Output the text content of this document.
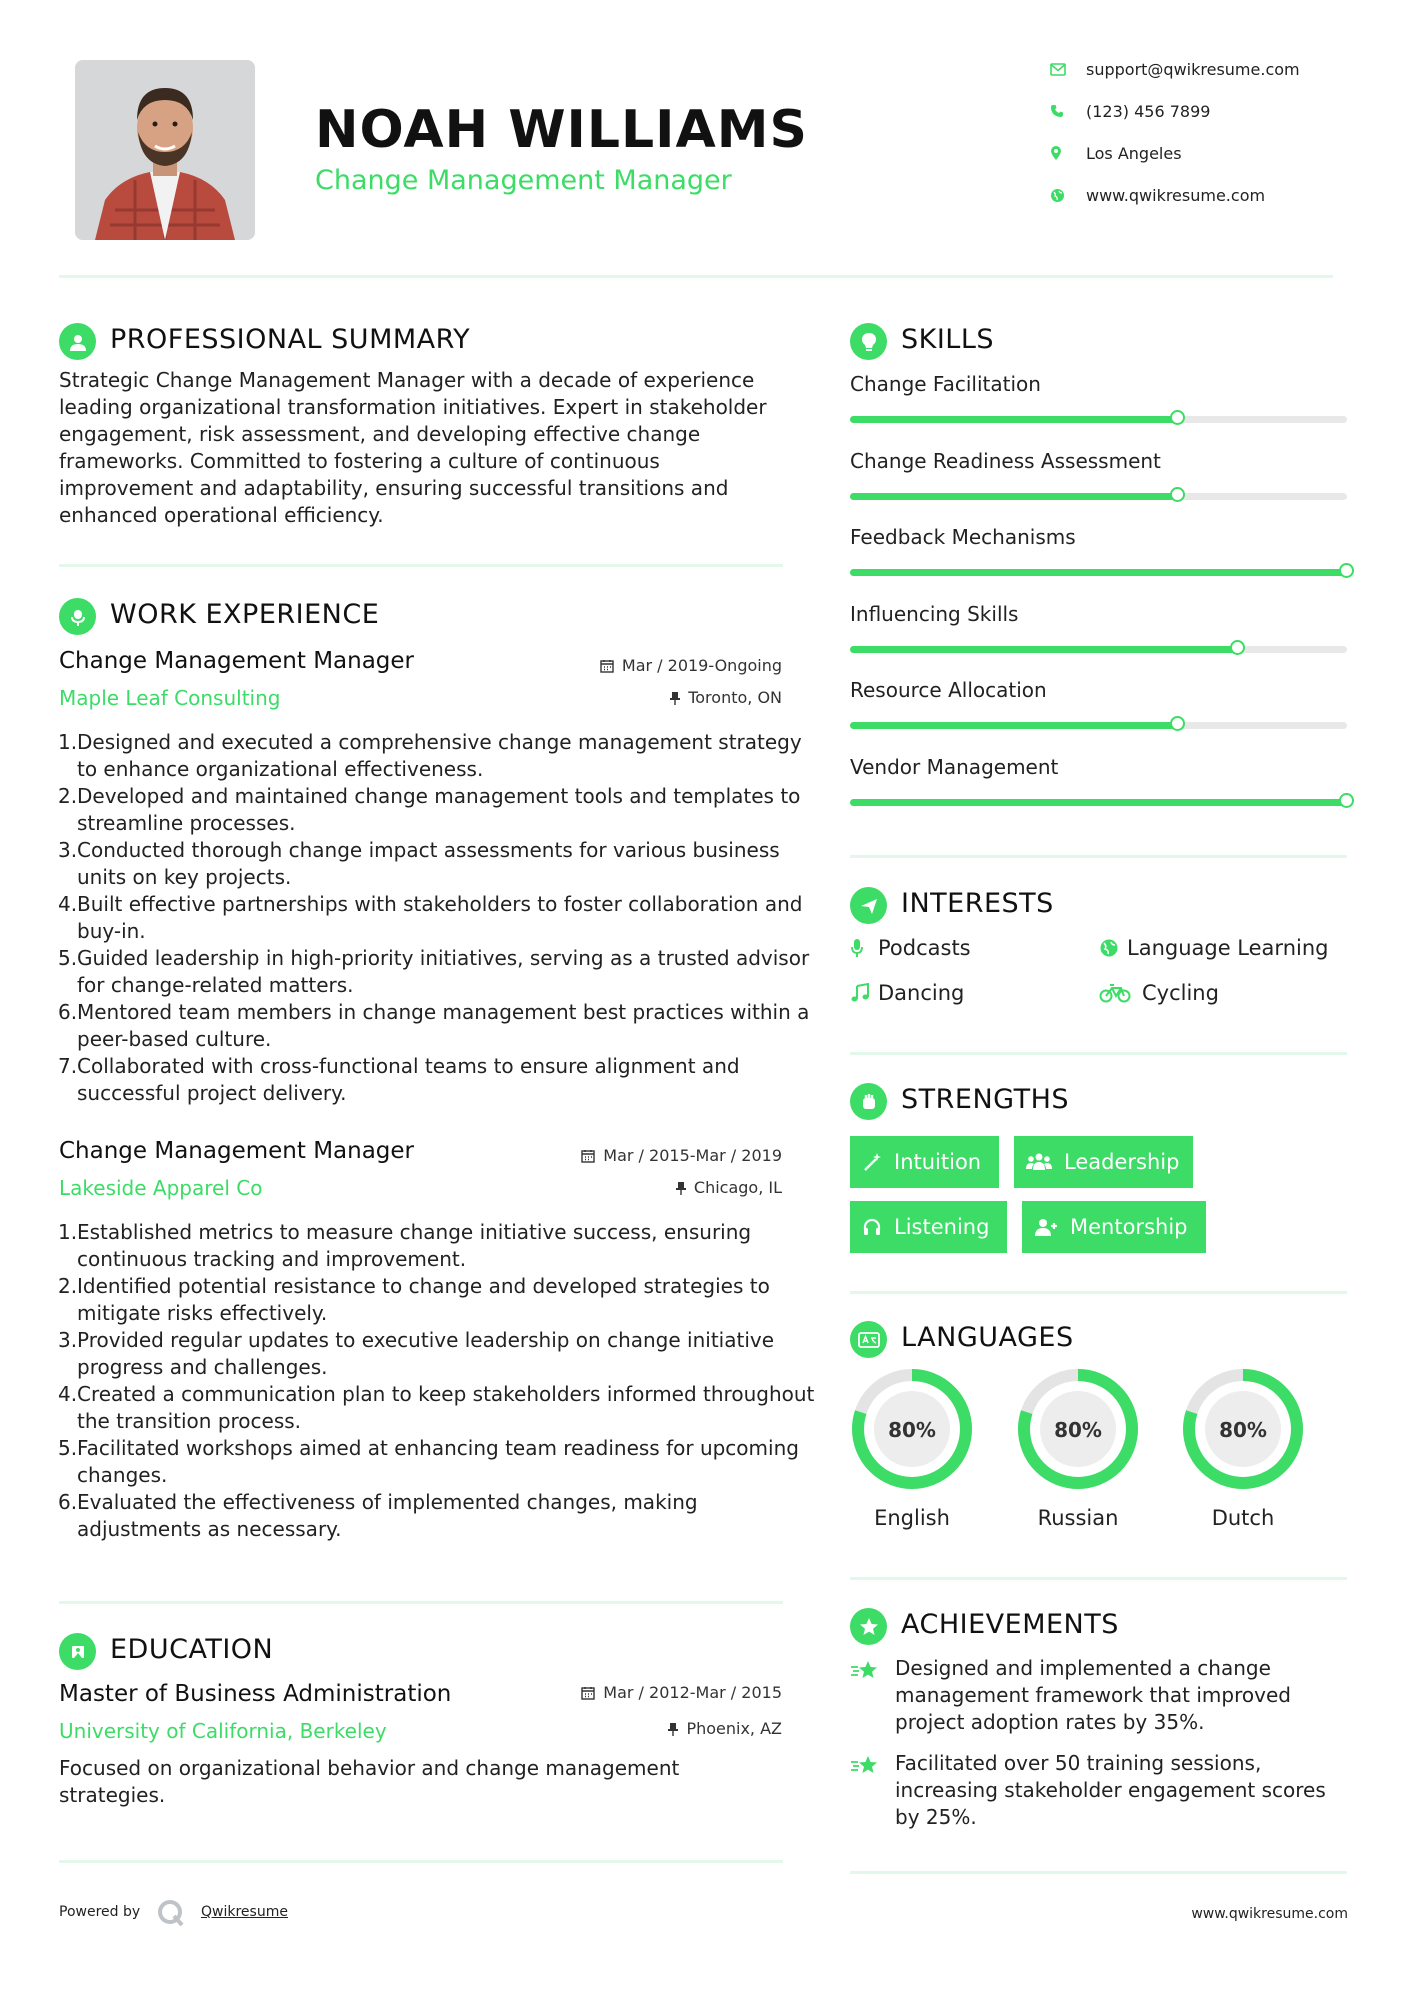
NOAH WILLIAMS
Change Management Manager
support@qwikresume.com
(123) 456 7899
Los Angeles
www.qwikresume.com
PROFESSIONAL SUMMARY
Strategic Change Management Manager with a decade of experience leading organizational transformation initiatives. Expert in stakeholder engagement, risk assessment, and developing effective change frameworks. Committed to fostering a culture of continuous improvement and adaptability, ensuring successful transitions and enhanced operational efficiency.
WORK EXPERIENCE
Change Management Manager
Maple Leaf Consulting
Mar / 2019-Ongoing
Toronto, ON
1. Designed and executed a comprehensive change management strategy to enhance organizational effectiveness.
2. Developed and maintained change management tools and templates to streamline processes.
3. Conducted thorough change impact assessments for various business units on key projects.
4. Built effective partnerships with stakeholders to foster collaboration and buy-in.
5. Guided leadership in high-priority initiatives, serving as a trusted advisor for change-related matters.
6. Mentored team members in change management best practices within a peer-based culture.
7. Collaborated with cross-functional teams to ensure alignment and successful project delivery.
Change Management Manager
Lakeside Apparel Co
Mar / 2015-Mar / 2019
Chicago, IL
1. Established metrics to measure change initiative success, ensuring continuous tracking and improvement.
2. Identified potential resistance to change and developed strategies to mitigate risks effectively.
3. Provided regular updates to executive leadership on change initiative progress and challenges.
4. Created a communication plan to keep stakeholders informed throughout the transition process.
5. Facilitated workshops aimed at enhancing team readiness for upcoming changes.
6. Evaluated the effectiveness of implemented changes, making adjustments as necessary.
EDUCATION
Master of Business Administration
University of California, Berkeley
Mar / 2012-Mar / 2015
Phoenix, AZ
Focused on organizational behavior and change management strategies.
SKILLS
Change Facilitation
Change Readiness Assessment
Feedback Mechanisms
Influencing Skills
Resource Allocation
Vendor Management
INTERESTS
Podcasts	Language Learning
Dancing	Cycling
STRENGTHS
Intuition	Leadership
Listening	Mentorship
LANGUAGES
80%
English
80%
Russian
80%
Dutch
ACHIEVEMENTS
Designed and implemented a change management framework that improved project adoption rates by 35%.
Facilitated over 50 training sessions, increasing stakeholder engagement scores by 25%.
Powered by	Qwikresume	www.qwikresume.com
